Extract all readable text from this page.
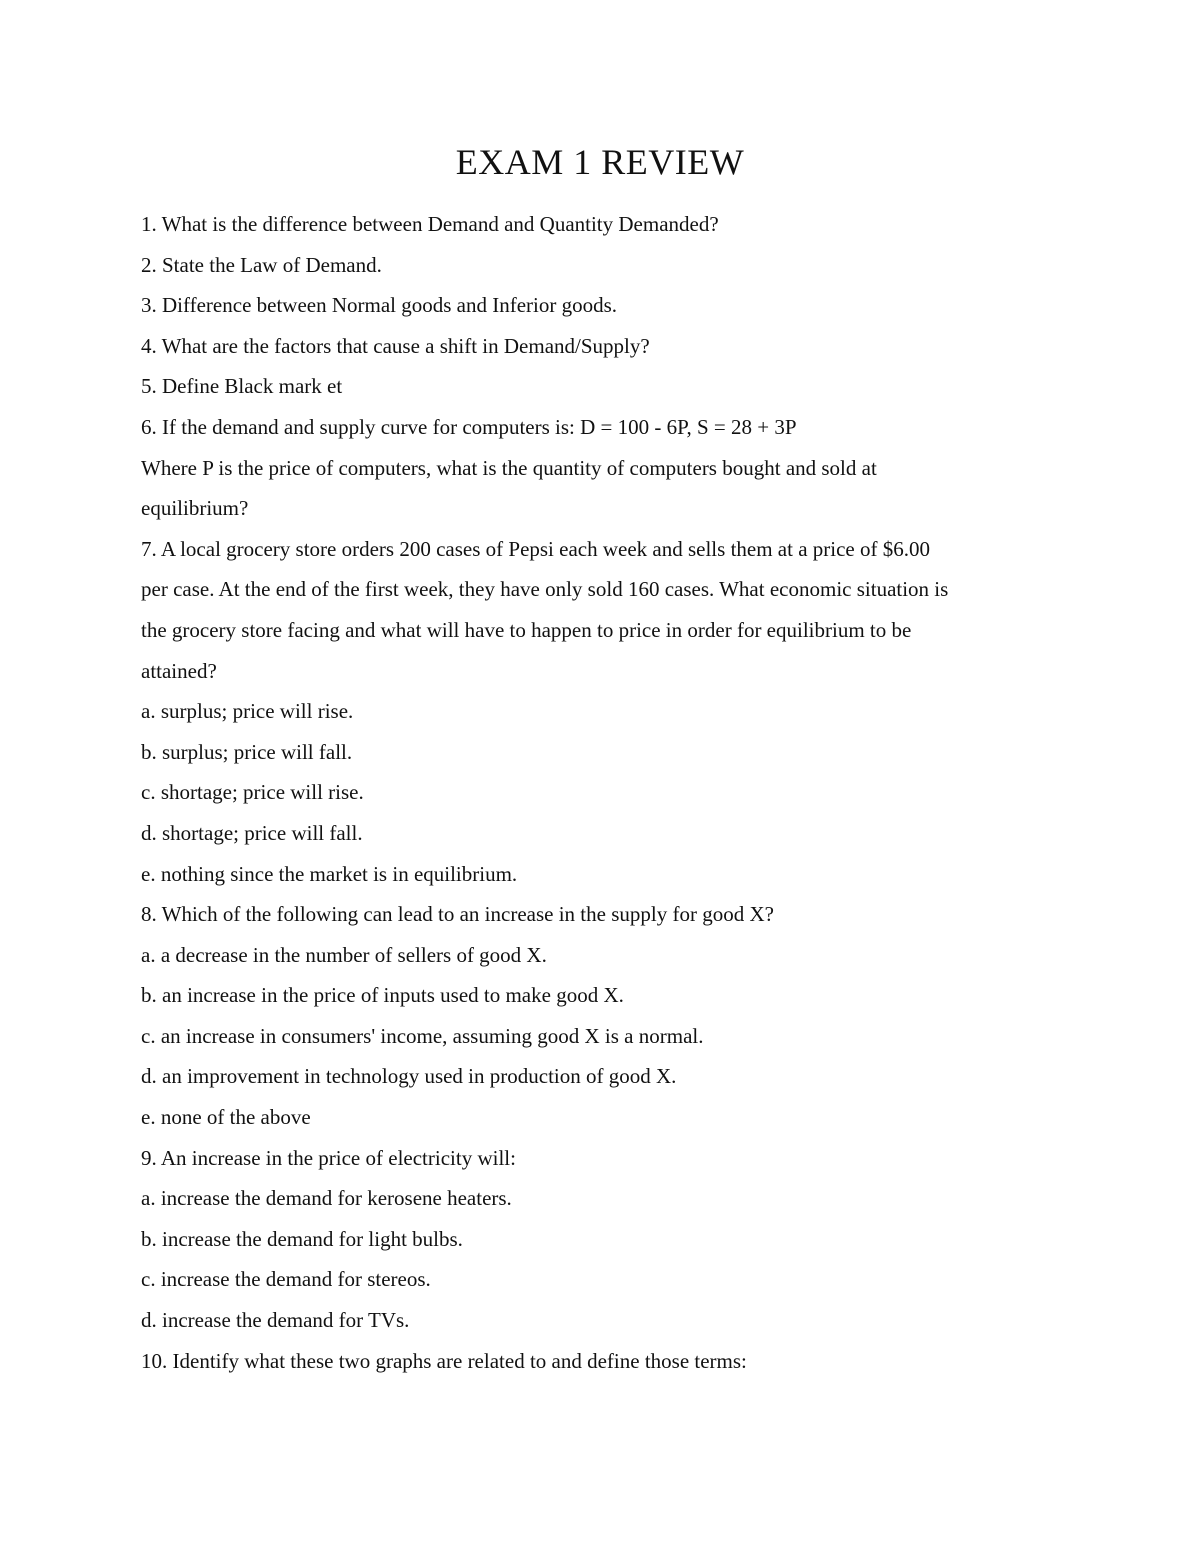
EXAM 1 REVIEW
1. What is the difference between Demand and Quantity Demanded?
2. State the Law of Demand.
3. Difference between Normal goods and Inferior goods.
4. What are the factors that cause a shift in Demand/Supply?
5. Define Black mark et
6. If the demand and supply curve for computers is: D = 100 - 6P, S = 28 + 3P
Where P is the price of computers, what is the quantity of computers bought and sold at
equilibrium?
7. A local grocery store orders 200 cases of Pepsi each week and sells them at a price of $6.00
per case. At the end of the first week, they have only sold 160 cases. What economic situation is
the grocery store facing and what will have to happen to price in order for equilibrium to be
attained?
a. surplus; price will rise.
b. surplus; price will fall.
c. shortage; price will rise.
d. shortage; price will fall.
e. nothing since the market is in equilibrium.
8. Which of the following can lead to an increase in the supply for good X?
a. a decrease in the number of sellers of good X.
b. an increase in the price of inputs used to make good X.
c. an increase in consumers' income, assuming good X is a normal.
d. an improvement in technology used in production of good X.
e. none of the above
9. An increase in the price of electricity will:
a. increase the demand for kerosene heaters.
b. increase the demand for light bulbs.
c. increase the demand for stereos.
d. increase the demand for TVs.
10. Identify what these two graphs are related to and define those terms:
